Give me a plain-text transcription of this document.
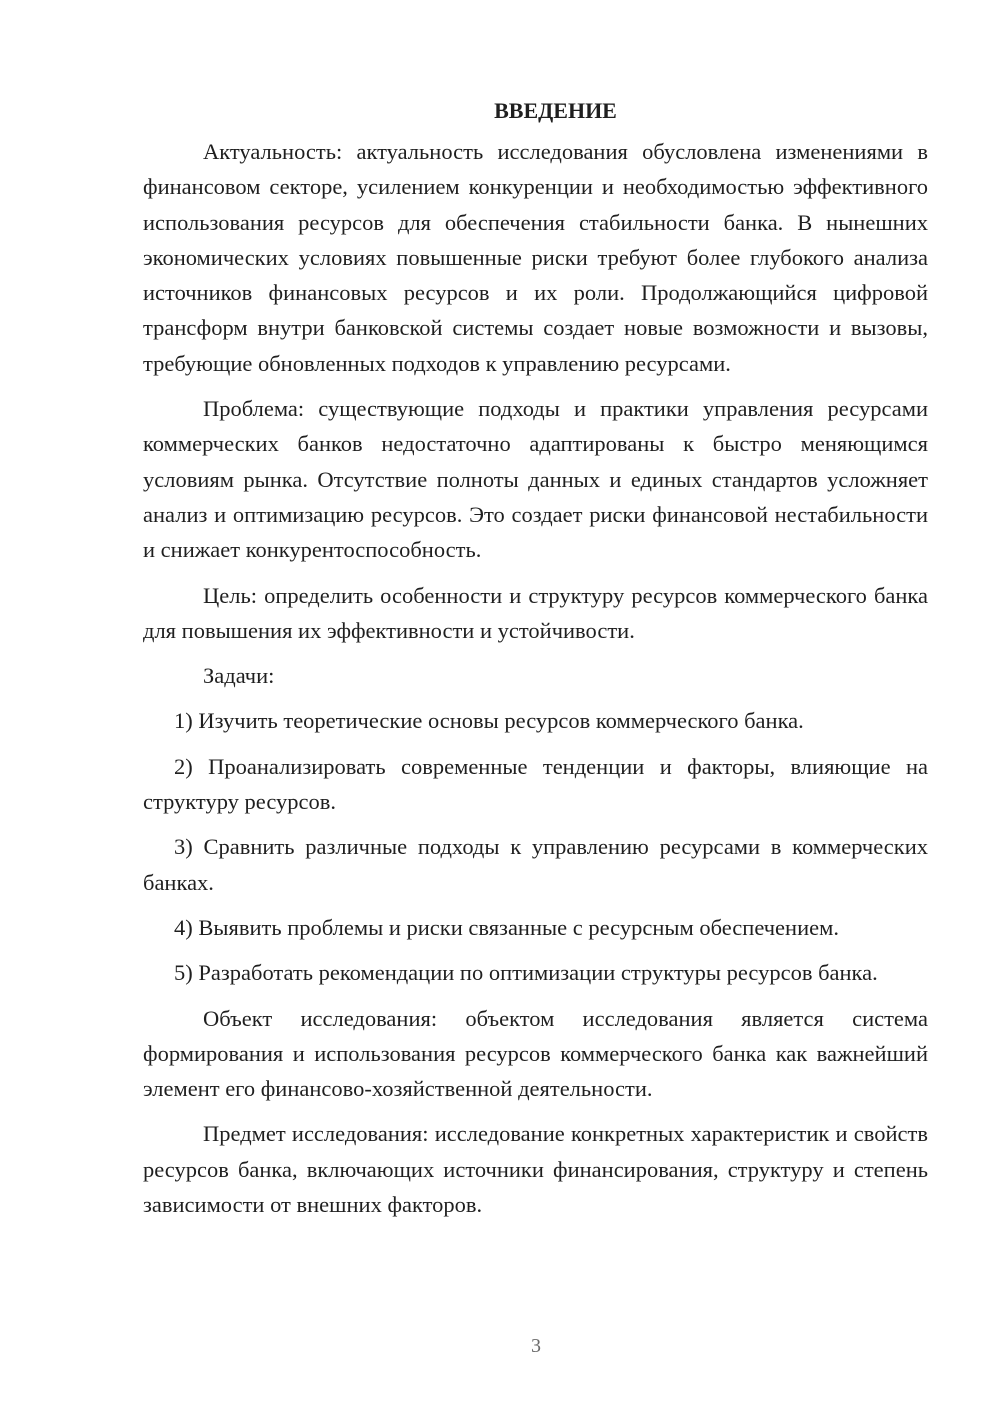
ВВЕДЕНИЕ

Актуальность: актуальность исследования обусловлена изменениями в финансовом секторе, усилением конкуренции и необходимостью эффективного использования ресурсов для обеспечения стабильности банка. В нынешних экономических условиях повышенные риски требуют более глубокого анализа источников финансовых ресурсов и их роли. Продолжающийся цифровой трансформ внутри банковской системы создает новые возможности и вызовы, требующие обновленных подходов к управлению ресурсами.

Проблема: существующие подходы и практики управления ресурсами коммерческих банков недостаточно адаптированы к быстро меняющимся условиям рынка. Отсутствие полноты данных и единых стандартов усложняет анализ и оптимизацию ресурсов. Это создает риски финансовой нестабильности и снижает конкурентоспособность.

Цель: определить особенности и структуру ресурсов коммерческого банка для повышения их эффективности и устойчивости.

Задачи:

1) Изучить теоретические основы ресурсов коммерческого банка.

2) Проанализировать современные тенденции и факторы, влияющие на структуру ресурсов.

3) Сравнить различные подходы к управлению ресурсами в коммерческих банках.

4) Выявить проблемы и риски связанные с ресурсным обеспечением.

5) Разработать рекомендации по оптимизации структуры ресурсов банка.

Объект исследования: объектом исследования является система формирования и использования ресурсов коммерческого банка как важнейший элемент его финансово-хозяйственной деятельности.

Предмет исследования: исследование конкретных характеристик и свойств ресурсов банка, включающих источники финансирования, структуру и степень зависимости от внешних факторов.

3
